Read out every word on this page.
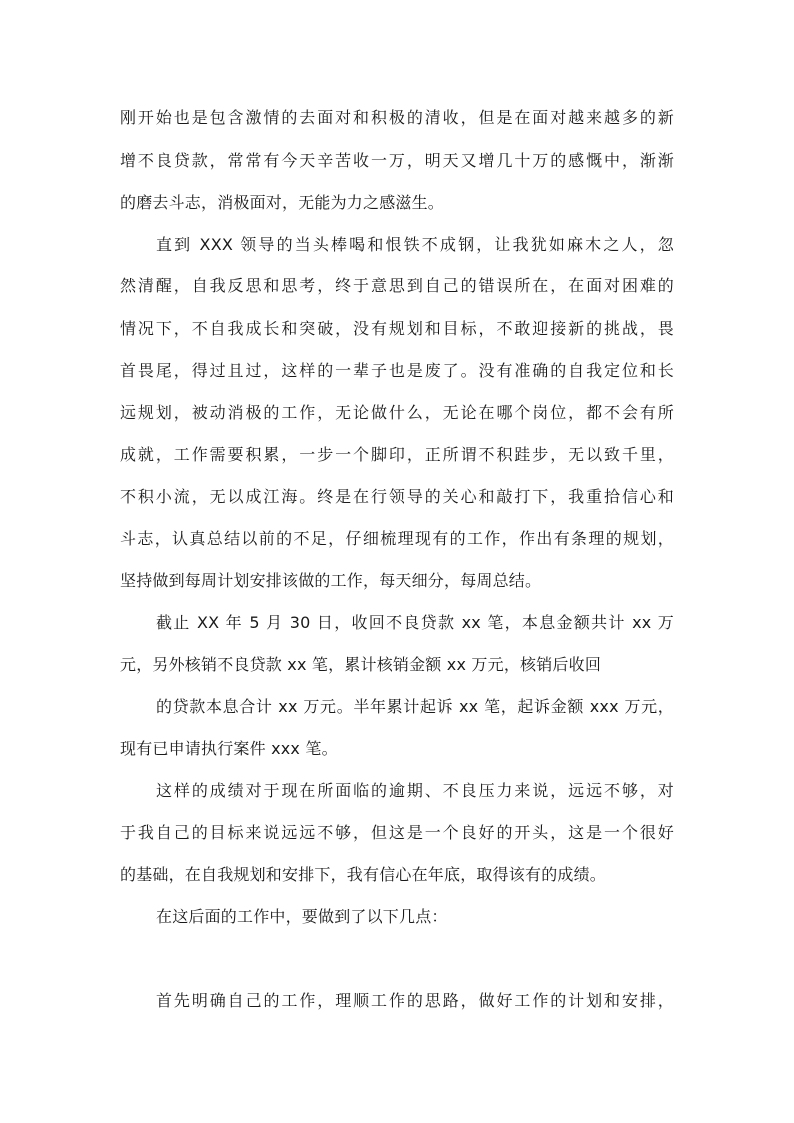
刚开始也是包含激情的去面对和积极的清收，但是在面对越来越多的新
增不良贷款，常常有今天辛苦收一万，明天又增几十万的感慨中，渐渐
的磨去斗志，消极面对，无能为力之感滋生。
直到 XXX 领导的当头棒喝和恨铁不成钢，让我犹如麻木之人，忽
然清醒，自我反思和思考，终于意思到自己的错误所在，在面对困难的
情况下，不自我成长和突破，没有规划和目标，不敢迎接新的挑战，畏
首畏尾，得过且过，这样的一辈子也是废了。没有准确的自我定位和长
远规划，被动消极的工作，无论做什么，无论在哪个岗位，都不会有所
成就，工作需要积累，一步一个脚印，正所谓不积跬步，无以致千里，
不积小流，无以成江海。终是在行领导的关心和敲打下，我重拾信心和
斗志，认真总结以前的不足，仔细梳理现有的工作，作出有条理的规划，
坚持做到每周计划安排该做的工作，每天细分，每周总结。
截止 XX 年 5 月 30 日，收回不良贷款 xx 笔，本息金额共计 xx 万
元，另外核销不良贷款 xx 笔，累计核销金额 xx 万元，核销后收回
的贷款本息合计 xx 万元。半年累计起诉 xx 笔，起诉金额 xxx 万元，
现有已申请执行案件 xxx 笔。
这样的成绩对于现在所面临的逾期、不良压力来说，远远不够，对
于我自己的目标来说远远不够，但这是一个良好的开头，这是一个很好
的基础，在自我规划和安排下，我有信心在年底，取得该有的成绩。
在这后面的工作中，要做到了以下几点：
首先明确自己的工作，理顺工作的思路，做好工作的计划和安排，
